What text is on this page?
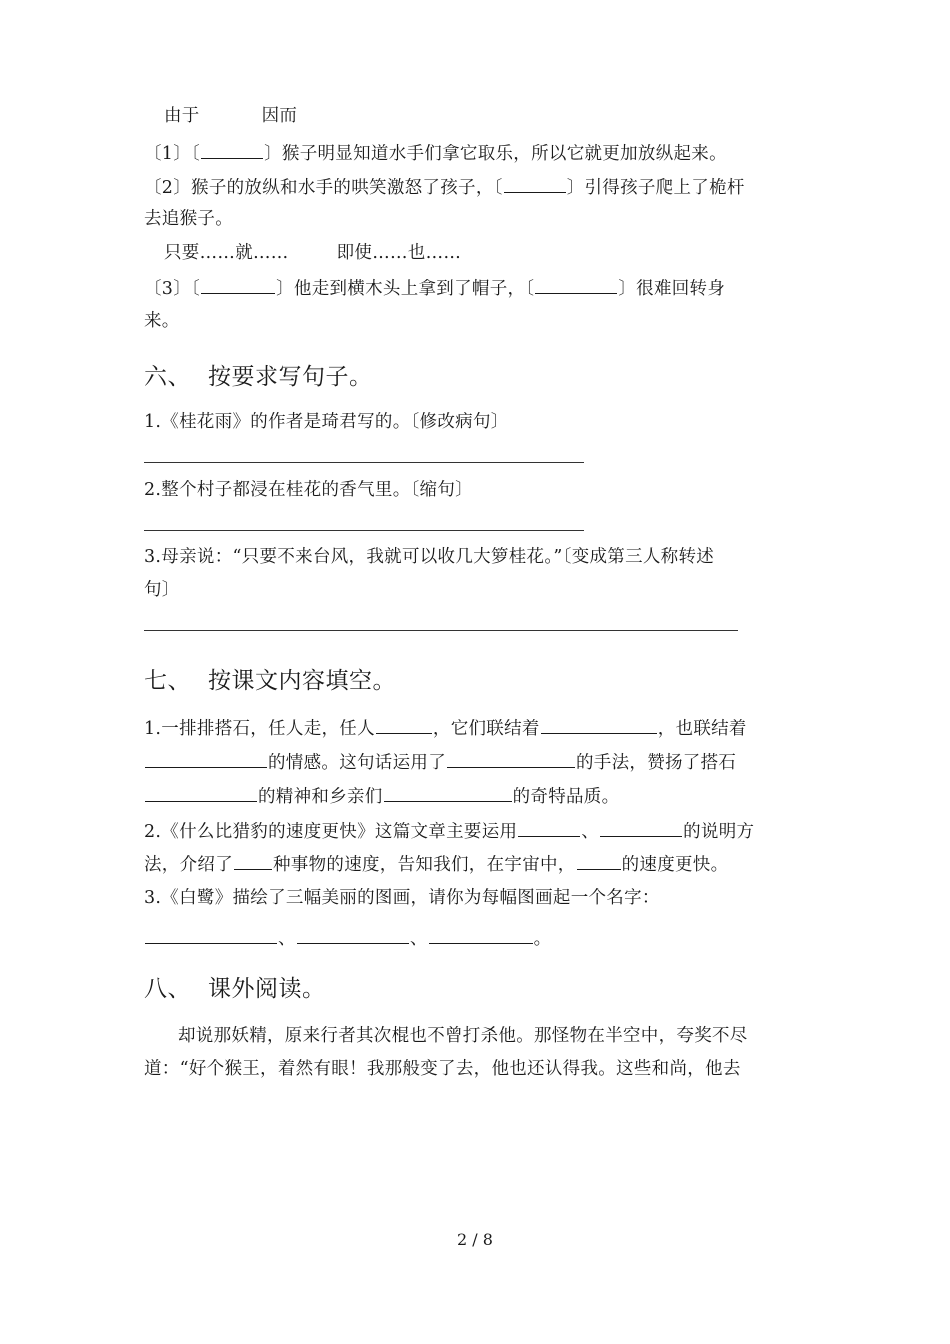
由于	因而
〔1〕〔	〕猴子明显知道水手们拿它取乐，所以它就更加放纵起来。
〔2〕猴子的放纵和水手的哄笑激怒了孩子，〔	〕引得孩子爬上了桅杆
去追猴子。
只要……就……	即使……也……
〔3〕〔	〕他走到横木头上拿到了帽子，〔	〕很难回转身
来。
六、 按要求写句子。
1.《桂花雨》的作者是琦君写的。〔修改病句〕
2.整个村子都浸在桂花的香气里。〔缩句〕
3.母亲说：“只要不来台风，我就可以收几大箩桂花。”〔变成第三人称转述
句〕
七、 按课文内容填空。
1.一排排搭石，任人走，任人	，它们联结着	，也联结着
的情感。这句话运用了	的手法，赞扬了搭石
的精神和乡亲们	的奇特品质。
2.《什么比猎豹的速度更快》这篇文章主要运用	、	的说明方
法，介绍了 种事物的速度，告知我们，在宇宙中，	的速度更快。
3.《白鹭》描绘了三幅美丽的图画，请你为每幅图画起一个名字：
、	、	。
八、 课外阅读。
却说那妖精，原来行者其次棍也不曾打杀他。那怪物在半空中，夸奖不尽
道：“好个猴王，着然有眼！我那般变了去，他也还认得我。这些和尚，他去
2 / 8
